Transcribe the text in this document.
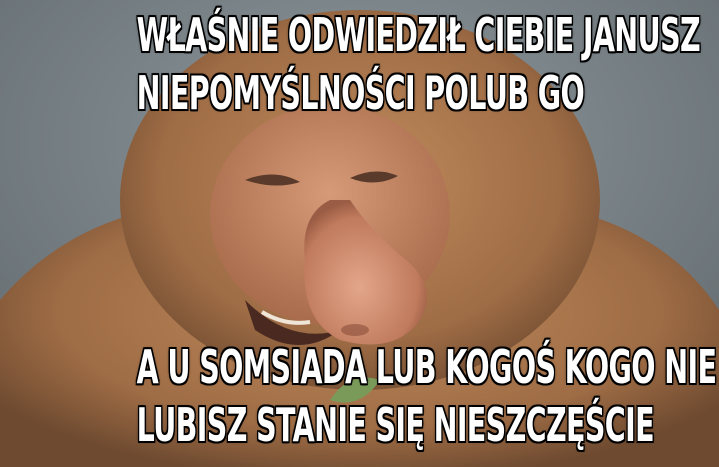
WŁAŚNIE ODWIEDZIŁ CIEBIE JANUSZ
NIEPOMYŚLNOŚCI POLUB GO
A U SOMSIADA LUB KOGOŚ KOGO NIE
LUBISZ STANIE SIĘ NIESZCZĘŚCIE
